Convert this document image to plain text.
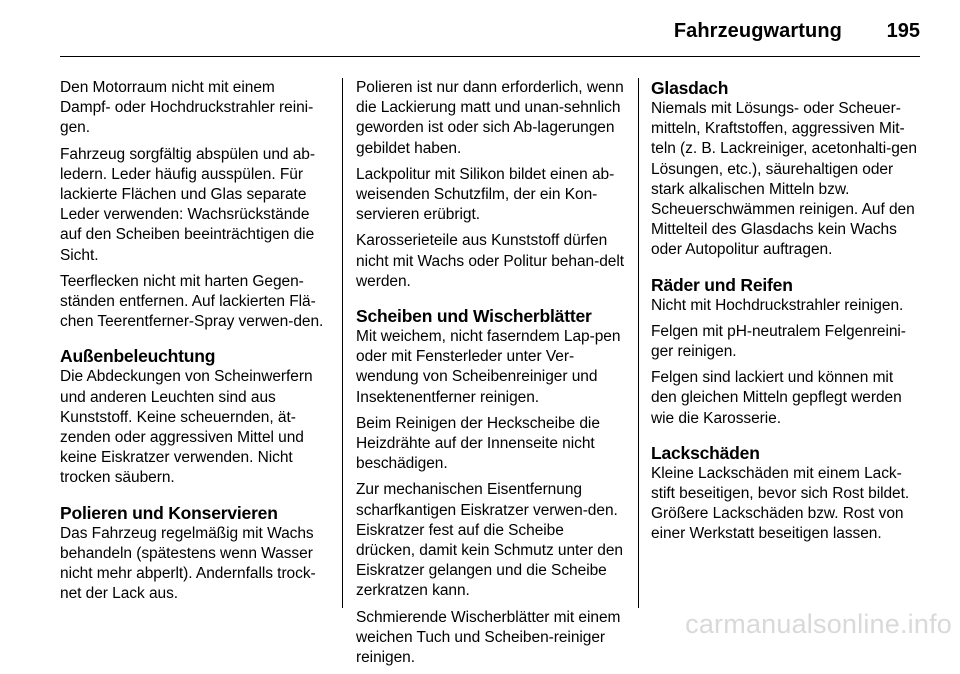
Fahrzeugwartung 195

Den Motorraum nicht mit einem Dampf- oder Hochdruckstrahler reini-gen.

Fahrzeug sorgfältig abspülen und ab-ledern. Leder häufig ausspülen. Für lackierte Flächen und Glas separate Leder verwenden: Wachsrückstände auf den Scheiben beeinträchtigen die Sicht.

Teerflecken nicht mit harten Gegen-ständen entfernen. Auf lackierten Flä-chen Teerentferner-Spray verwen-den.

Außenbeleuchtung

Die Abdeckungen von Scheinwerfern und anderen Leuchten sind aus Kunststoff. Keine scheuernden, ät-zenden oder aggressiven Mittel und keine Eiskratzer verwenden. Nicht trocken säubern.

Polieren und Konservieren

Das Fahrzeug regelmäßig mit Wachs behandeln (spätestens wenn Wasser nicht mehr abperlt). Andernfalls trock-net der Lack aus.

Polieren ist nur dann erforderlich, wenn die Lackierung matt und unan-sehnlich geworden ist oder sich Ab-lagerungen gebildet haben.

Lackpolitur mit Silikon bildet einen ab-weisenden Schutzfilm, der ein Kon-servieren erübrigt.

Karosserieteile aus Kunststoff dürfen nicht mit Wachs oder Politur behan-delt werden.

Scheiben und Wischerblätter

Mit weichem, nicht faserndem Lap-pen oder mit Fensterleder unter Ver-wendung von Scheibenreiniger und Insektenentferner reinigen.

Beim Reinigen der Heckscheibe die Heizdrähte auf der Innenseite nicht beschädigen.

Zur mechanischen Eisentfernung scharfkantigen Eiskratzer verwen-den. Eiskratzer fest auf die Scheibe drücken, damit kein Schmutz unter den Eiskratzer gelangen und die Scheibe zerkratzen kann.

Schmierende Wischerblätter mit einem weichen Tuch und Scheiben-reiniger reinigen.

Glasdach

Niemals mit Lösungs- oder Scheuer-mitteln, Kraftstoffen, aggressiven Mit-teln (z. B. Lackreiniger, acetonhalti-gen Lösungen, etc.), säurehaltigen oder stark alkalischen Mitteln bzw. Scheuerschwämmen reinigen. Auf den Mittelteil des Glasdachs kein Wachs oder Autopolitur auftragen.

Räder und Reifen

Nicht mit Hochdruckstrahler reinigen.

Felgen mit pH-neutralem Felgenreini-ger reinigen.

Felgen sind lackiert und können mit den gleichen Mitteln gepflegt werden wie die Karosserie.

Lackschäden

Kleine Lackschäden mit einem Lack-stift beseitigen, bevor sich Rost bildet. Größere Lackschäden bzw. Rost von einer Werkstatt beseitigen lassen.

carmanualsonline.info
